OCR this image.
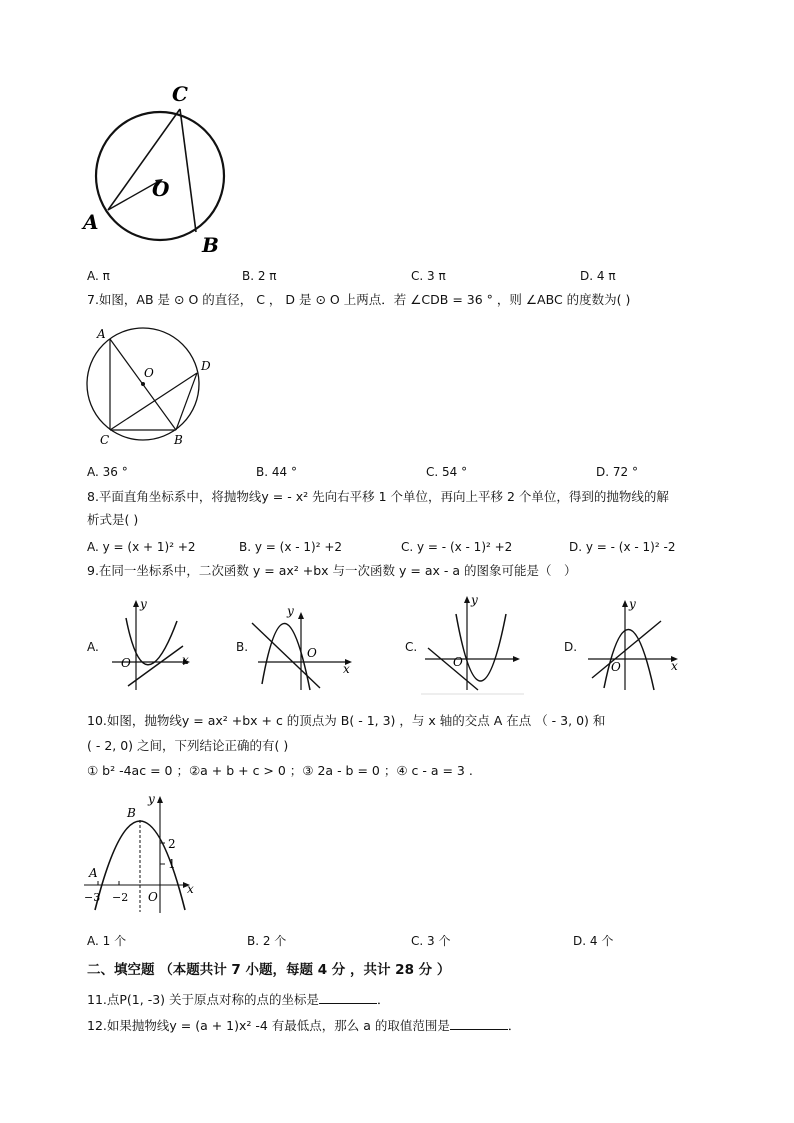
C
O
A
B
A. π	B. 2 π	C. 3 π	D. 4 π
7.如图，AB 是 ⊙ O 的直径， C ， D 是 ⊙ O 上两点．若 ∠CDB = 36 ° ，则 ∠ABC 的度数为( )
A
O	D
C	B
A. 36 °	B. 44 °	C. 54 °	D. 72 °
8.平面直角坐标系中，将抛物线y = - x² 先向右平移 1 个单位，再向上平移 2 个单位，得到的抛物线的解
析式是( )
A. y = (x + 1)² +2	B. y = (x - 1)² +2	C. y = - (x - 1)² +2	D. y = - (x - 1)² -2
9.在同一坐标系中，二次函数 y = ax² +bx 与一次函数 y = ax - a 的图象可能是（　）
y
x
O
y
x
O
y
O
y
x
O
A.	B.	C.	D.
10.如图，抛物线y = ax² +bx + c 的顶点为 B( - 1, 3) ，与 x 轴的交点 A 在点 （ - 3, 0) 和
( - 2, 0) 之间，下列结论正确的有( )
① b² -4ac = 0 ；②a + b + c > 0 ；③ 2a - b = 0 ；④ c - a = 3 .
y
B
2
1
A
−3 −2 O
x
A. 1 个	B. 2 个	C. 3 个	D. 4 个
二、填空题 （本题共计 7 小题，每题 4 分 ，共计 28 分 ）
11.点P(1, -3) 关于原点对称的点的坐标是	．
12.如果抛物线y = (a + 1)x² -4 有最低点，那么 a 的取值范围是	．
